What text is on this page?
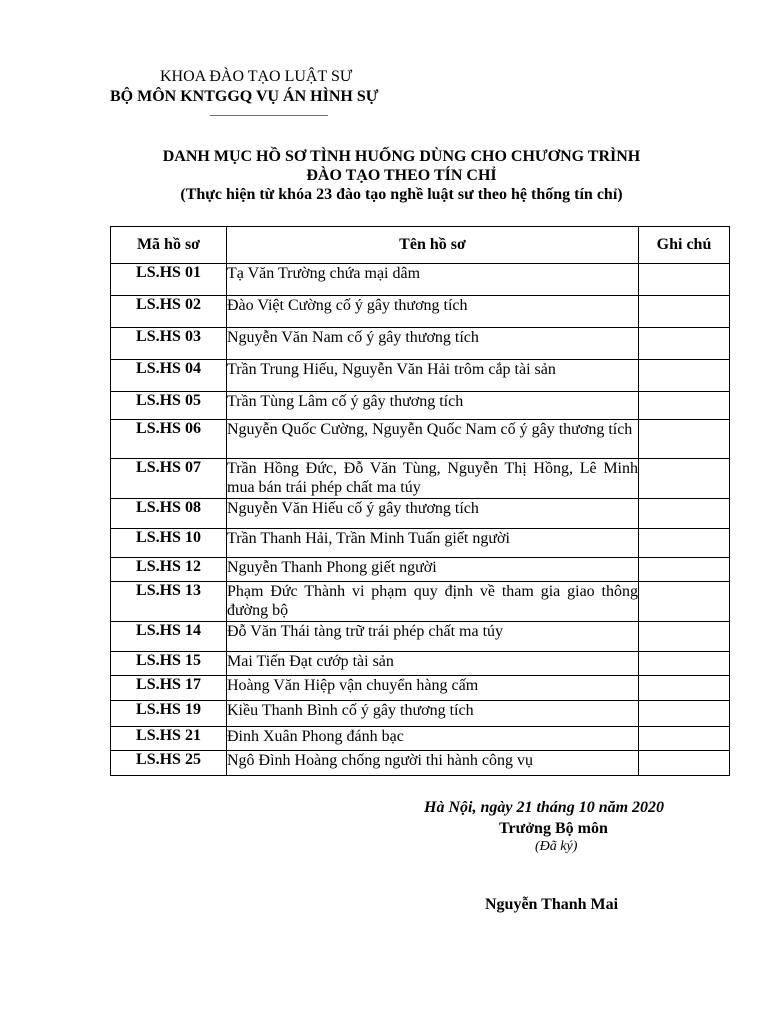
KHOA ĐÀO TẠO LUẬT SƯ
BỘ MÔN KNTGGQ VỤ ÁN HÌNH SỰ
DANH MỤC HỒ SƠ TÌNH HUỐNG DÙNG CHO CHƯƠNG TRÌNH
ĐÀO TẠO THEO TÍN CHỈ
(Thực hiện từ khóa 23 đào tạo nghề luật sư theo hệ thống tín chỉ)
Mã hồ sơ	Tên hồ sơ	Ghi chú
LS.HS 01	Tạ Văn Trường chứa mại dâm	
LS.HS 02	Đào Việt Cường cố ý gây thương tích	
LS.HS 03	Nguyễn Văn Nam cố ý gây thương tích	
LS.HS 04	Trần Trung Hiếu, Nguyễn Văn Hải trôm cắp tài sản	
LS.HS 05	Trần Tùng Lâm cố ý gây thương tích	
LS.HS 06	Nguyễn Quốc Cường, Nguyễn Quốc Nam cố ý gây thương tích	
LS.HS 07	Trần Hồng Đức, Đỗ Văn Tùng, Nguyễn Thị Hồng, Lê Minh mua bán trái phép chất ma túy	
LS.HS 08	Nguyễn Văn Hiếu cố ý gây thương tích	
LS.HS 10	Trần Thanh Hải, Trần Minh Tuấn giết người	
LS.HS 12	Nguyễn Thanh Phong giết người	
LS.HS 13	Phạm Đức Thành vi phạm quy định về tham gia giao thông đường bộ	
LS.HS 14	Đỗ Văn Thái tàng trữ trái phép chất ma túy	
LS.HS 15	Mai Tiến Đạt cướp tài sản	
LS.HS 17	Hoàng Văn Hiệp vận chuyển hàng cấm	
LS.HS 19	Kiều Thanh Bình cố ý gây thương tích	
LS.HS 21	Đinh Xuân Phong đánh bạc	
LS.HS 25	Ngô Đình Hoàng chống người thi hành công vụ	
Hà Nội, ngày 21 tháng 10 năm 2020
Trưởng Bộ môn
(Đã ký)
Nguyễn Thanh Mai
